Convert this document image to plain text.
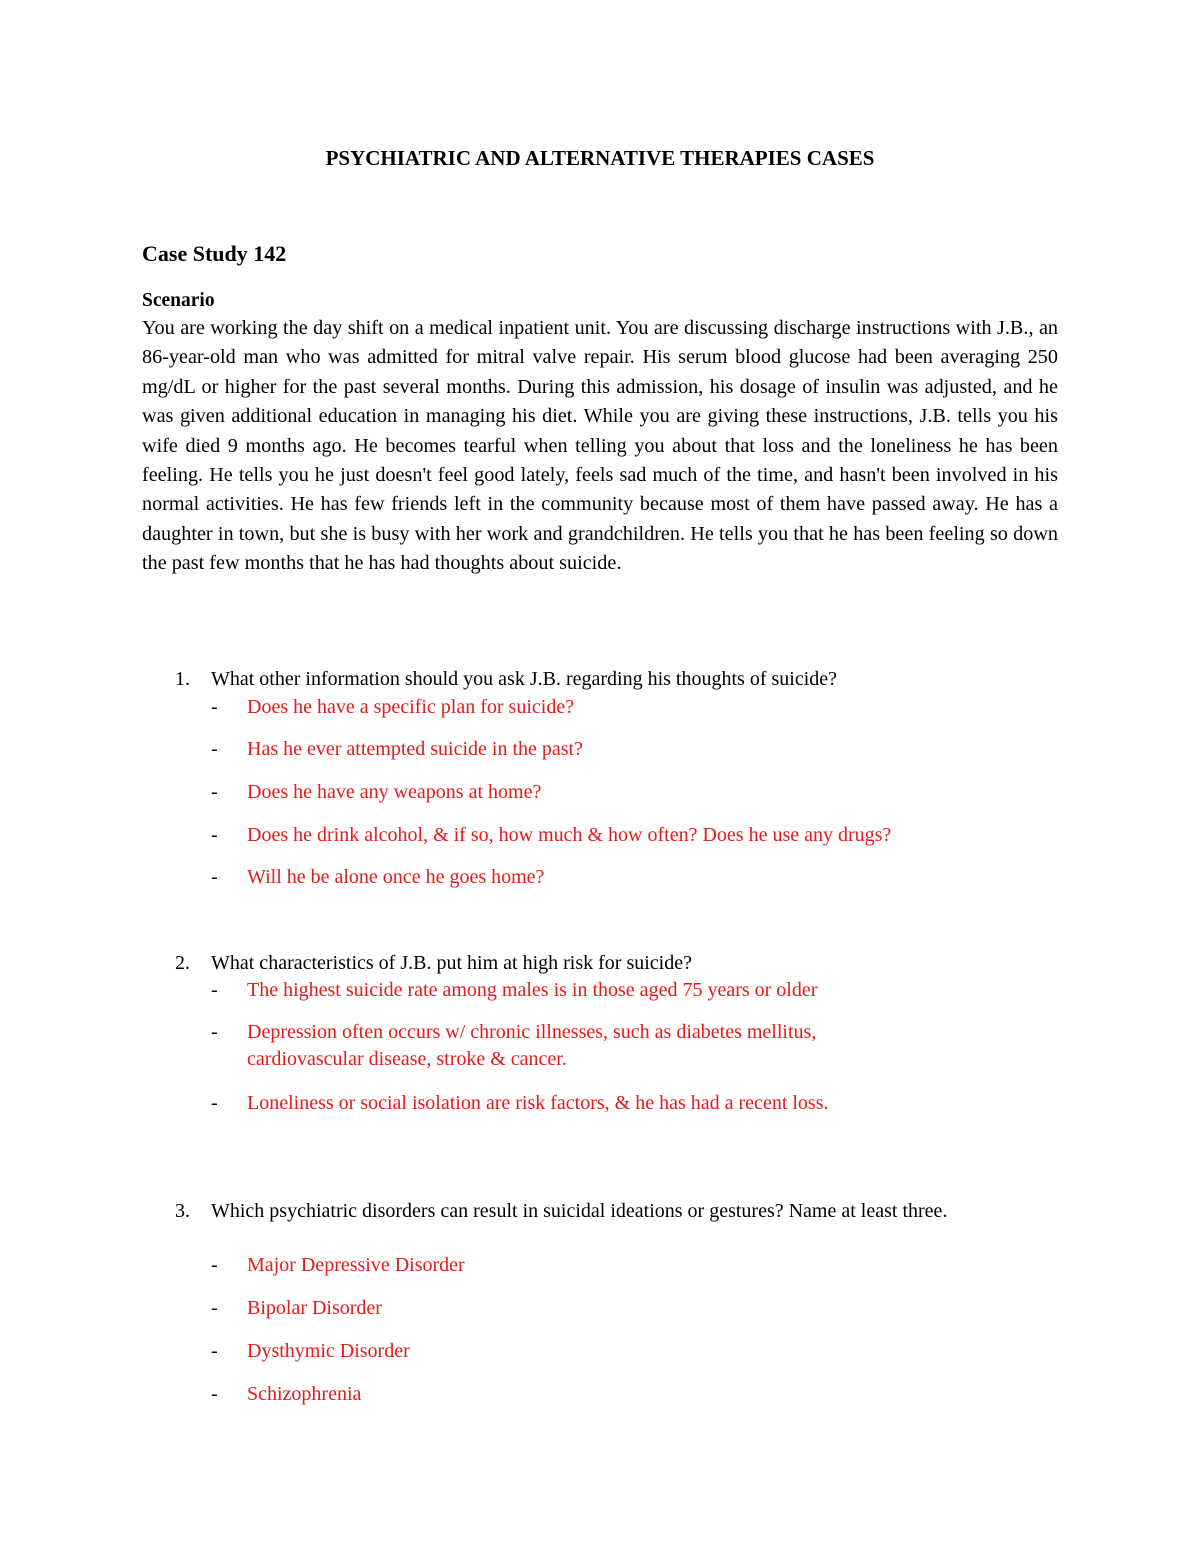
PSYCHIATRIC AND ALTERNATIVE THERAPIES CASES
Case Study 142
Scenario

You are working the day shift on a medical inpatient unit. You are discussing discharge instructions with J.B., an 86-year-old man who was admitted for mitral valve repair. His serum blood glucose had been averaging 250 mg/dL or higher for the past several months. During this admission, his dosage of insulin was adjusted, and he was given additional education in managing his diet. While you are giving these instructions, J.B. tells you his wife died 9 months ago. He becomes tearful when telling you about that loss and the loneliness he has been feeling. He tells you he just doesn't feel good lately, feels sad much of the time, and hasn't been involved in his normal activities. He has few friends left in the community because most of them have passed away. He has a daughter in town, but she is busy with her work and grandchildren. He tells you that he has been feeling so down the past few months that he has had thoughts about suicide.

1. What other information should you ask J.B. regarding his thoughts of suicide?
- Does he have a specific plan for suicide?
- Has he ever attempted suicide in the past?
- Does he have any weapons at home?
- Does he drink alcohol, & if so, how much & how often? Does he use any drugs?
- Will he be alone once he goes home?
2. What characteristics of J.B. put him at high risk for suicide?
- The highest suicide rate among males is in those aged 75 years or older
- Depression often occurs w/ chronic illnesses, such as diabetes mellitus, cardiovascular disease, stroke & cancer.
- Loneliness or social isolation are risk factors, & he has had a recent loss.
3. Which psychiatric disorders can result in suicidal ideations or gestures? Name at least three.
- Major Depressive Disorder
- Bipolar Disorder
- Dysthymic Disorder
- Schizophrenia
